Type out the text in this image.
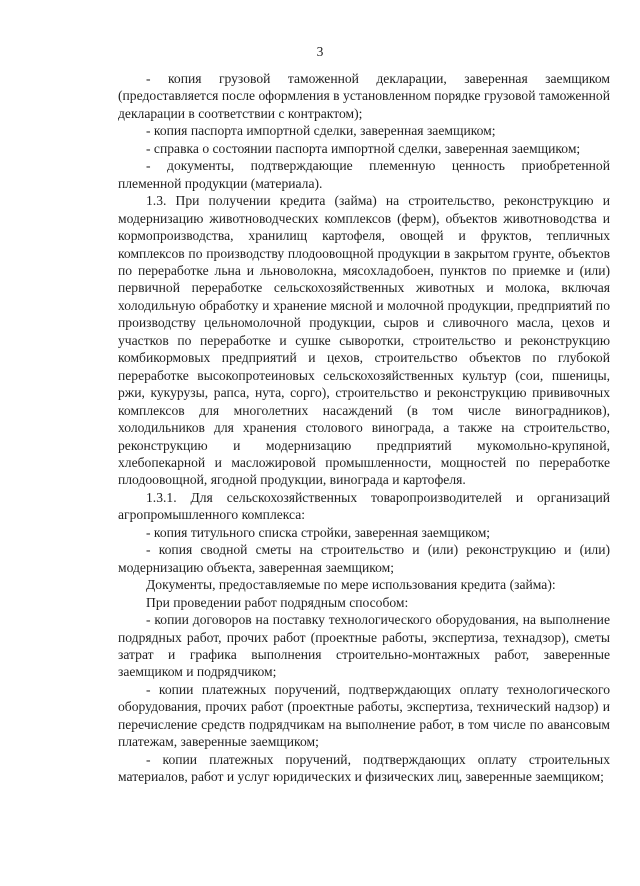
3

- копия грузовой таможенной декларации, заверенная заемщиком (предоставляется после оформления в установленном порядке грузовой таможенной декларации в соответствии с контрактом);

- копия паспорта импортной сделки, заверенная заемщиком;

- справка о состоянии паспорта импортной сделки, заверенная заемщиком;

- документы, подтверждающие племенную ценность приобретенной племенной продукции (материала).

1.3. При получении кредита (займа) на строительство, реконструкцию и модернизацию животноводческих комплексов (ферм), объектов животноводства и кормопроизводства, хранилищ картофеля, овощей и фруктов, тепличных комплексов по производству плодоовощной продукции в закрытом грунте, объектов по переработке льна и льноволокна, мясохладобоен, пунктов по приемке и (или) первичной переработке сельскохозяйственных животных и молока, включая холодильную обработку и хранение мясной и молочной продукции, предприятий по производству цельномолочной продукции, сыров и сливочного масла, цехов и участков по переработке и сушке сыворотки, строительство и реконструкцию комбикормовых предприятий и цехов, строительство объектов по глубокой переработке высокопротеиновых сельскохозяйственных культур (сои, пшеницы, ржи, кукурузы, рапса, нута, сорго), строительство и реконструкцию прививочных комплексов для многолетних насаждений (в том числе виноградников), холодильников для хранения столового винограда, а также на строительство, реконструкцию и модернизацию предприятий мукомольно-крупяной, хлебопекарной и масложировой промышленности, мощностей по переработке плодоовощной, ягодной продукции, винограда и картофеля.

1.3.1. Для сельскохозяйственных товаропроизводителей и организаций агропромышленного комплекса:

- копия титульного списка стройки, заверенная заемщиком;

- копия сводной сметы на строительство и (или) реконструкцию и (или) модернизацию объекта, заверенная заемщиком;

Документы, предоставляемые по мере использования кредита (займа):

При проведении работ подрядным способом:

- копии договоров на поставку технологического оборудования, на выполнение подрядных работ, прочих работ (проектные работы, экспертиза, технадзор), сметы затрат и графика выполнения строительно-монтажных работ, заверенные заемщиком и подрядчиком;

- копии платежных поручений, подтверждающих оплату технологического оборудования, прочих работ (проектные работы, экспертиза, технический надзор) и перечисление средств подрядчикам на выполнение работ, в том числе по авансовым платежам, заверенные заемщиком;

- копии платежных поручений, подтверждающих оплату строительных материалов, работ и услуг юридических и физических лиц, заверенные заемщиком;
